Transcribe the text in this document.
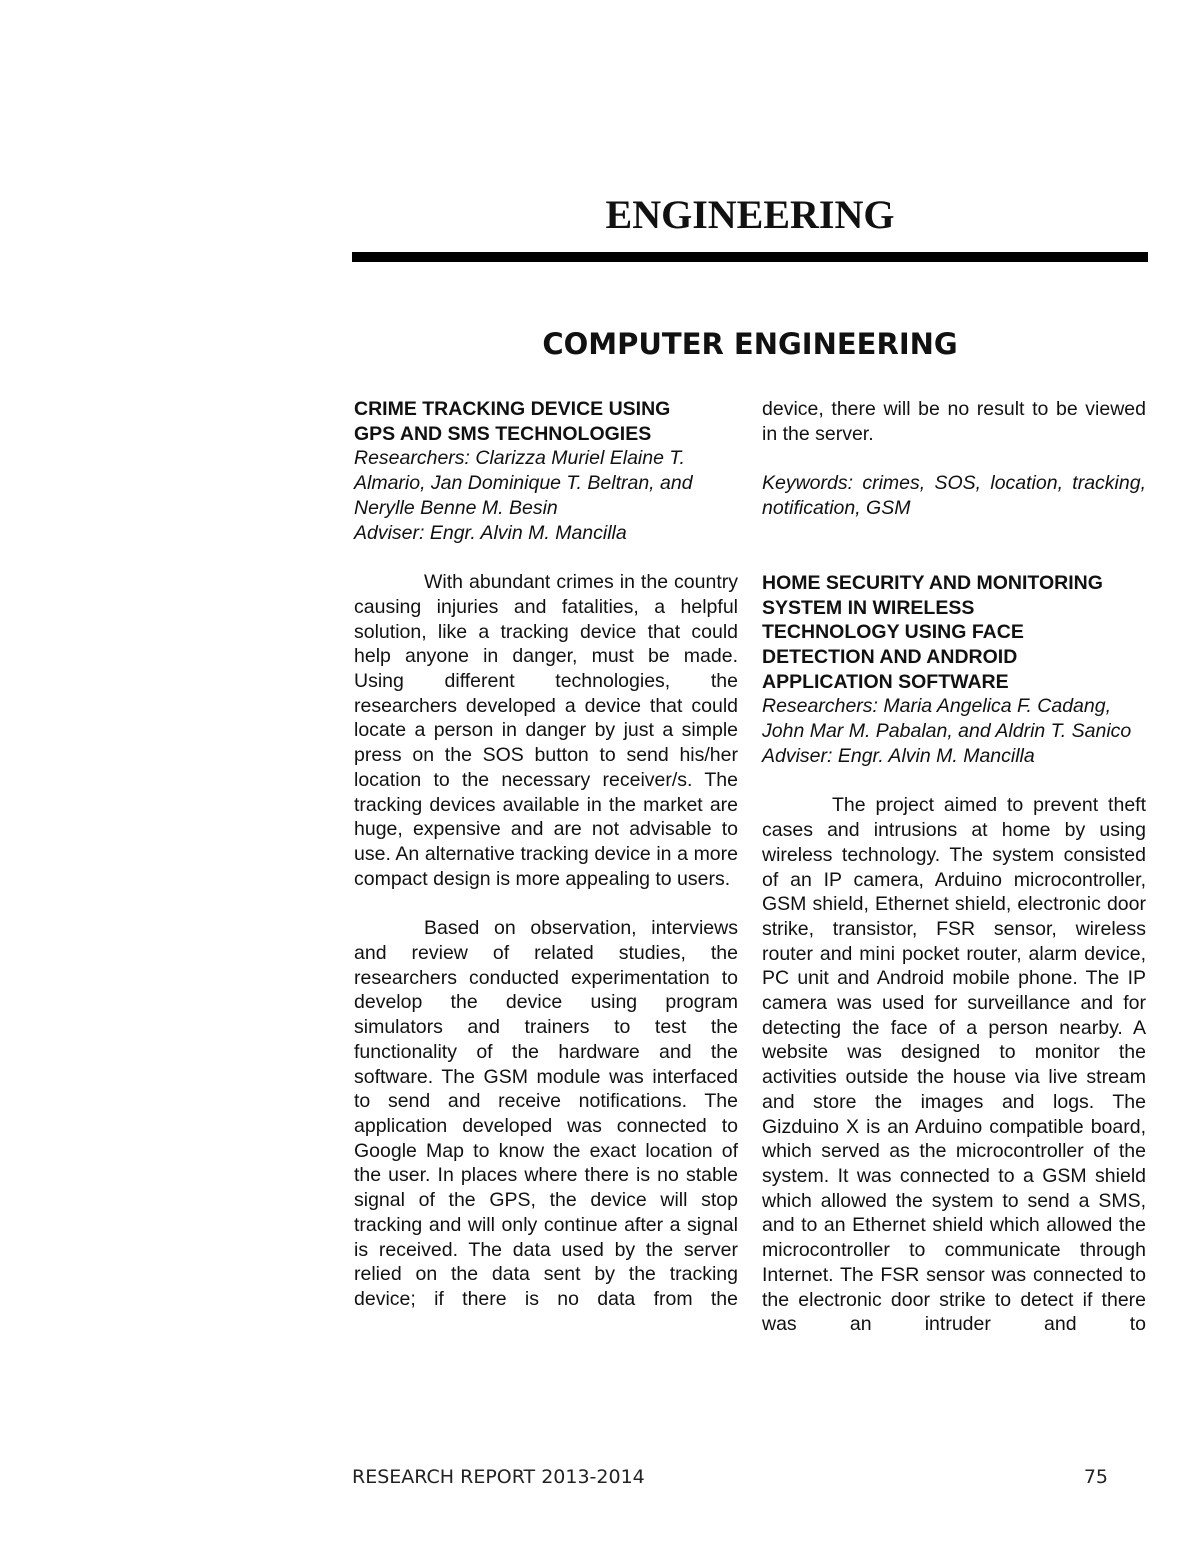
ENGINEERING
COMPUTER ENGINEERING
CRIME TRACKING DEVICE USING
GPS AND SMS TECHNOLOGIES

Researchers: Clarizza Muriel Elaine T. Almario, Jan Dominique T. Beltran, and Nerylle Benne M. Besin

Adviser: Engr. Alvin M. Mancilla

With abundant crimes in the country causing injuries and fatalities, a helpful solution, like a tracking device that could help anyone in danger, must be made. Using different technologies, the researchers developed a device that could locate a person in danger by just a simple press on the SOS button to send his/her location to the necessary receiver/s. The tracking devices available in the market are huge, expensive and are not advisable to use. An alternative tracking device in a more compact design is more appealing to users.

Based on observation, interviews and review of related studies, the researchers conducted experimentation to develop the device using program simulators and trainers to test the functionality of the hardware and the software. The GSM module was interfaced to send and receive notifications. The application developed was connected to Google Map to know the exact location of the user. In places where there is no stable signal of the GPS, the device will stop tracking and will only continue after a signal is received. The data used by the server relied on the data sent by the tracking device; if there is no data from the

device, there will be no result to be viewed in the server.

Keywords: crimes, SOS, location, tracking, notification, GSM

HOME SECURITY AND MONITORING
SYSTEM IN WIRELESS
TECHNOLOGY USING FACE
DETECTION AND ANDROID
APPLICATION SOFTWARE

Researchers: Maria Angelica F. Cadang, John Mar M. Pabalan, and Aldrin T. Sanico

Adviser: Engr. Alvin M. Mancilla

The project aimed to prevent theft cases and intrusions at home by using wireless technology. The system consisted of an IP camera, Arduino microcontroller, GSM shield, Ethernet shield, electronic door strike, transistor, FSR sensor, wireless router and mini pocket router, alarm device, PC unit and Android mobile phone. The IP camera was used for surveillance and for detecting the face of a person nearby. A website was designed to monitor the activities outside the house via live stream and store the images and logs. The Gizduino X is an Arduino compatible board, which served as the microcontroller of the system. It was connected to a GSM shield which allowed the system to send a SMS, and to an Ethernet shield which allowed the microcontroller to communicate through Internet. The FSR sensor was connected to the electronic door strike to detect if there was an intruder and to

RESEARCH REPORT 2013-2014	75
